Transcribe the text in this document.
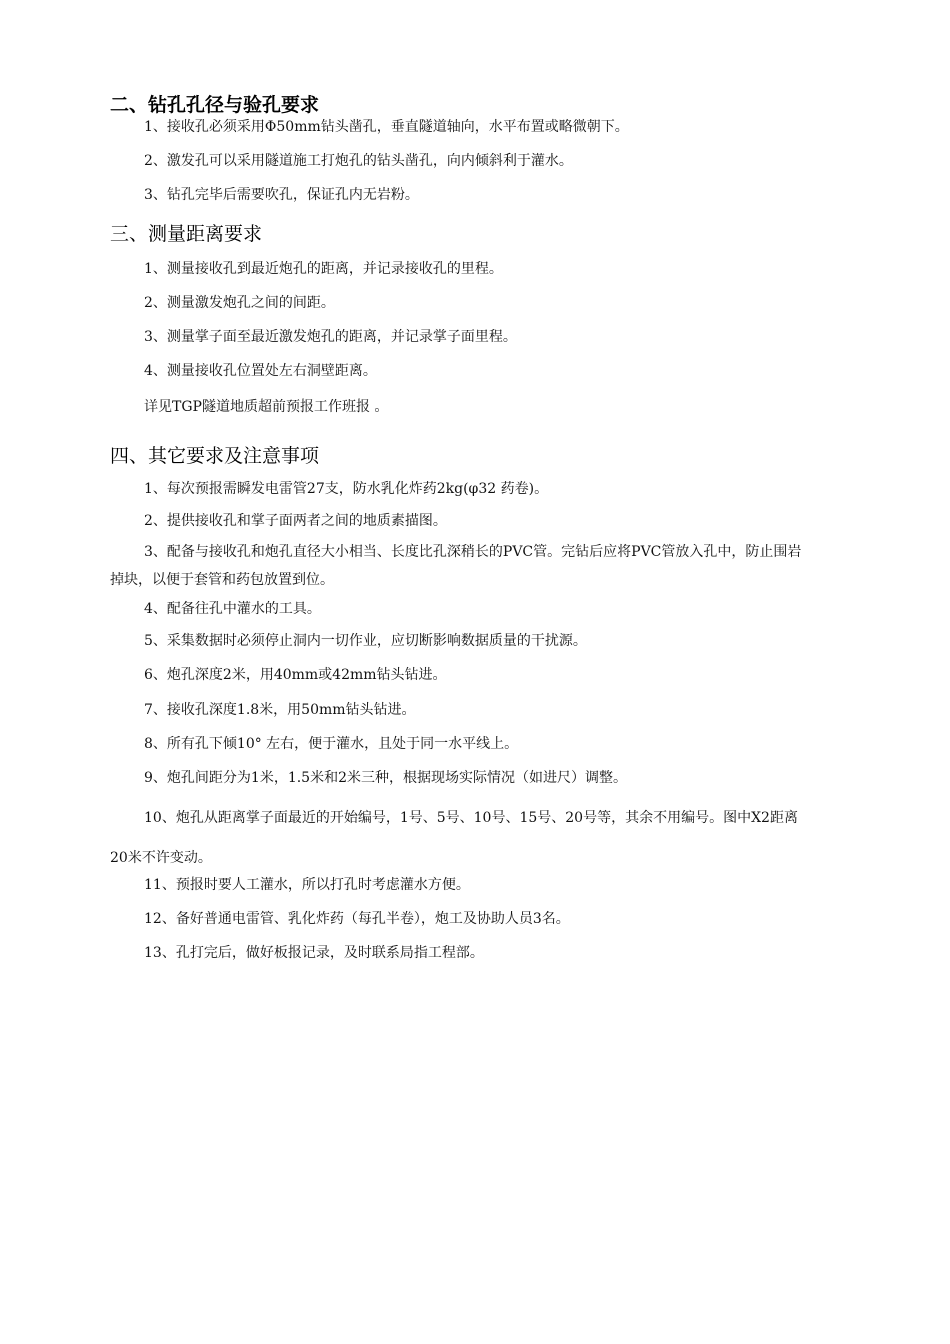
二、钻孔孔径与验孔要求

1、接收孔必须采用Φ50mm钻头凿孔，垂直隧道轴向，水平布置或略微朝下。

2、激发孔可以采用隧道施工打炮孔的钻头凿孔，向内倾斜利于灌水。

3、钻孔完毕后需要吹孔，保证孔内无岩粉。

三、测量距离要求

1、测量接收孔到最近炮孔的距离，并记录接收孔的里程。

2、测量激发炮孔之间的间距。

3、测量掌子面至最近激发炮孔的距离，并记录掌子面里程。

4、测量接收孔位置处左右洞壁距离。

详见TGP隧道地质超前预报工作班报 。

四、其它要求及注意事项

1、每次预报需瞬发电雷管27支，防水乳化炸药2kg(φ32 药卷)。

2、提供接收孔和掌子面两者之间的地质素描图。

3、配备与接收孔和炮孔直径大小相当、长度比孔深稍长的PVC管。完钻后应将PVC管放入孔中，防止围岩掉块，以便于套管和药包放置到位。

4、配备往孔中灌水的工具。

5、采集数据时必须停止洞内一切作业，应切断影响数据质量的干扰源。

6、炮孔深度2米，用40mm或42mm钻头钻进。

7、接收孔深度1.8米，用50mm钻头钻进。

8、所有孔下倾10° 左右，便于灌水，且处于同一水平线上。

9、炮孔间距分为1米，1.5米和2米三种，根据现场实际情况（如进尺）调整。

10、炮孔从距离掌子面最近的开始编号，1号、5号、10号、15号、20号等，其余不用编号。图中X2距离20米不许变动。

11、预报时要人工灌水，所以打孔时考虑灌水方便。

12、备好普通电雷管、乳化炸药（每孔半卷），炮工及协助人员3名。

13、孔打完后，做好板报记录，及时联系局指工程部。
